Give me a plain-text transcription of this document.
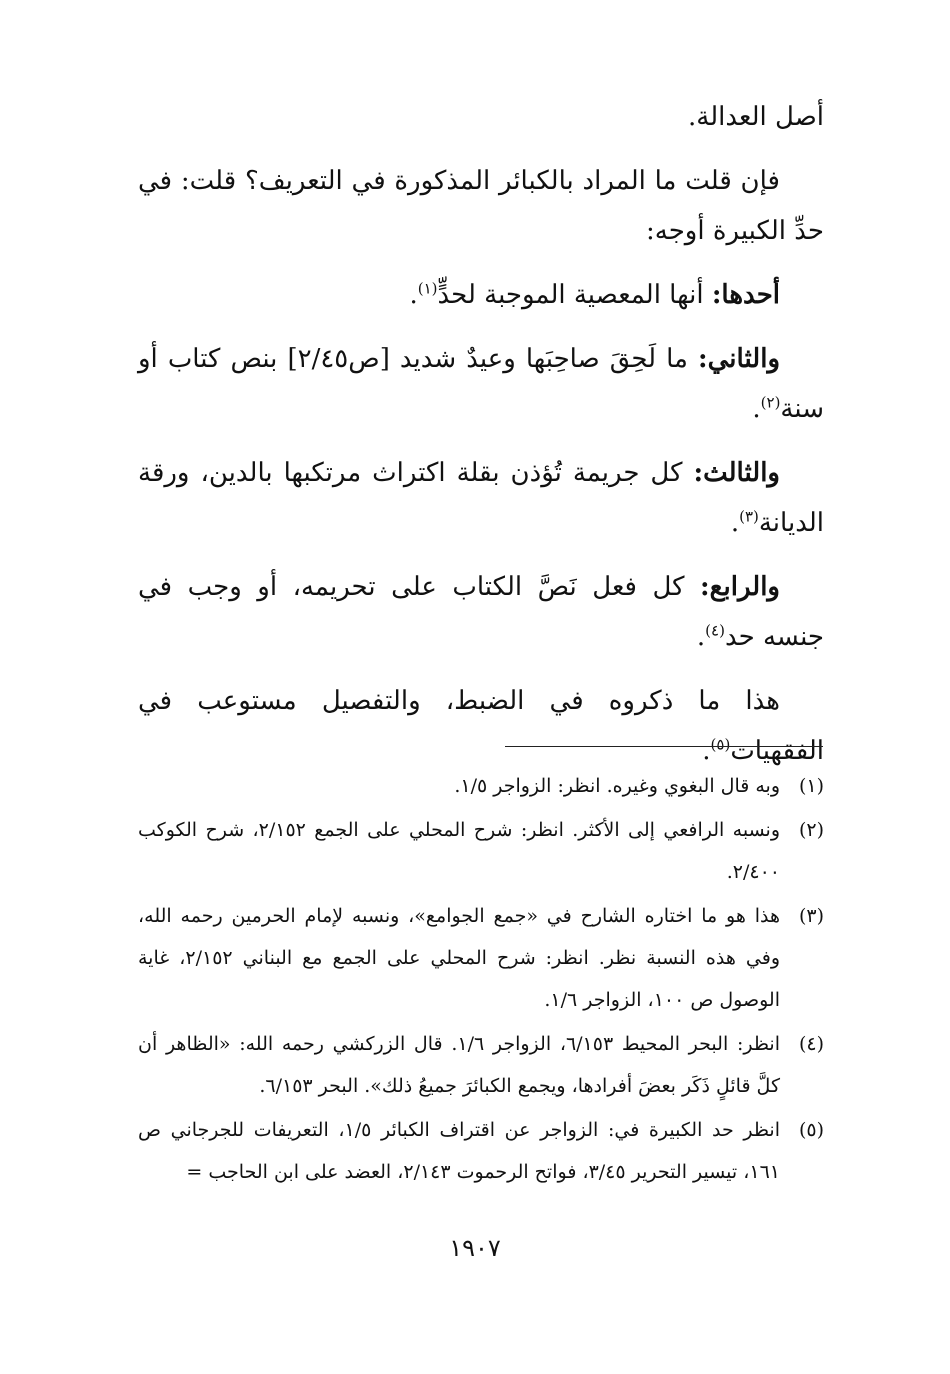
أصل العدالة.

فإن قلت ما المراد بالكبائر المذكورة في التعريف؟ قلت: في حدِّ الكبيرة أوجه:

أحدها: أنها المعصية الموجبة لحدٍّ$^{(١)}$.

والثاني: ما لَحِقَ صاحِبَها وعيدٌ شديد [ص٢/٤٥] بنص كتاب أو سنة$^{(٢)}$.

والثالث: كل جريمة تُؤذن بقلة اكتراث مرتكبها بالدين، ورقة الديانة$^{(٣)}$.

والرابع: كل فعل نَصَّ الكتاب على تحريمه، أو وجب في جنسه حد$^{(٤)}$.

هذا ما ذكروه في الضبط، والتفصيل مستوعب في الفقهيات$^{(٥)}$.

(١)
وبه قال البغوي وغيره. انظر: الزواجر ١/٥.
(٢)
ونسبه الرافعي إلى الأكثر. انظر: شرح المحلي على الجمع ٢/١٥٢، شرح الكوكب ٢/٤٠٠.
(٣)
هذا هو ما اختاره الشارح في «جمع الجوامع»، ونسبه لإمام الحرمين رحمه الله، وفي هذه النسبة نظر. انظر: شرح المحلي على الجمع مع البناني ٢/١٥٢، غاية الوصول ص ١٠٠، الزواجر ١/٦.
(٤)
انظر: البحر المحيط ٦/١٥٣، الزواجر ١/٦. قال الزركشي رحمه الله: «الظاهر أن كلَّ قائلٍ ذَكَر بعضَ أفرادها، ويجمع الكبائرَ جميعُ ذلك». البحر ٦/١٥٣.
(٥)
انظر حد الكبيرة في: الزواجر عن اقتراف الكبائر ١/٥، التعريفات للجرجاني ص ١٦١، تيسير التحرير ٣/٤٥، فواتح الرحموت ٢/١٤٣، العضد على ابن الحاجب =
١٩٠٧
